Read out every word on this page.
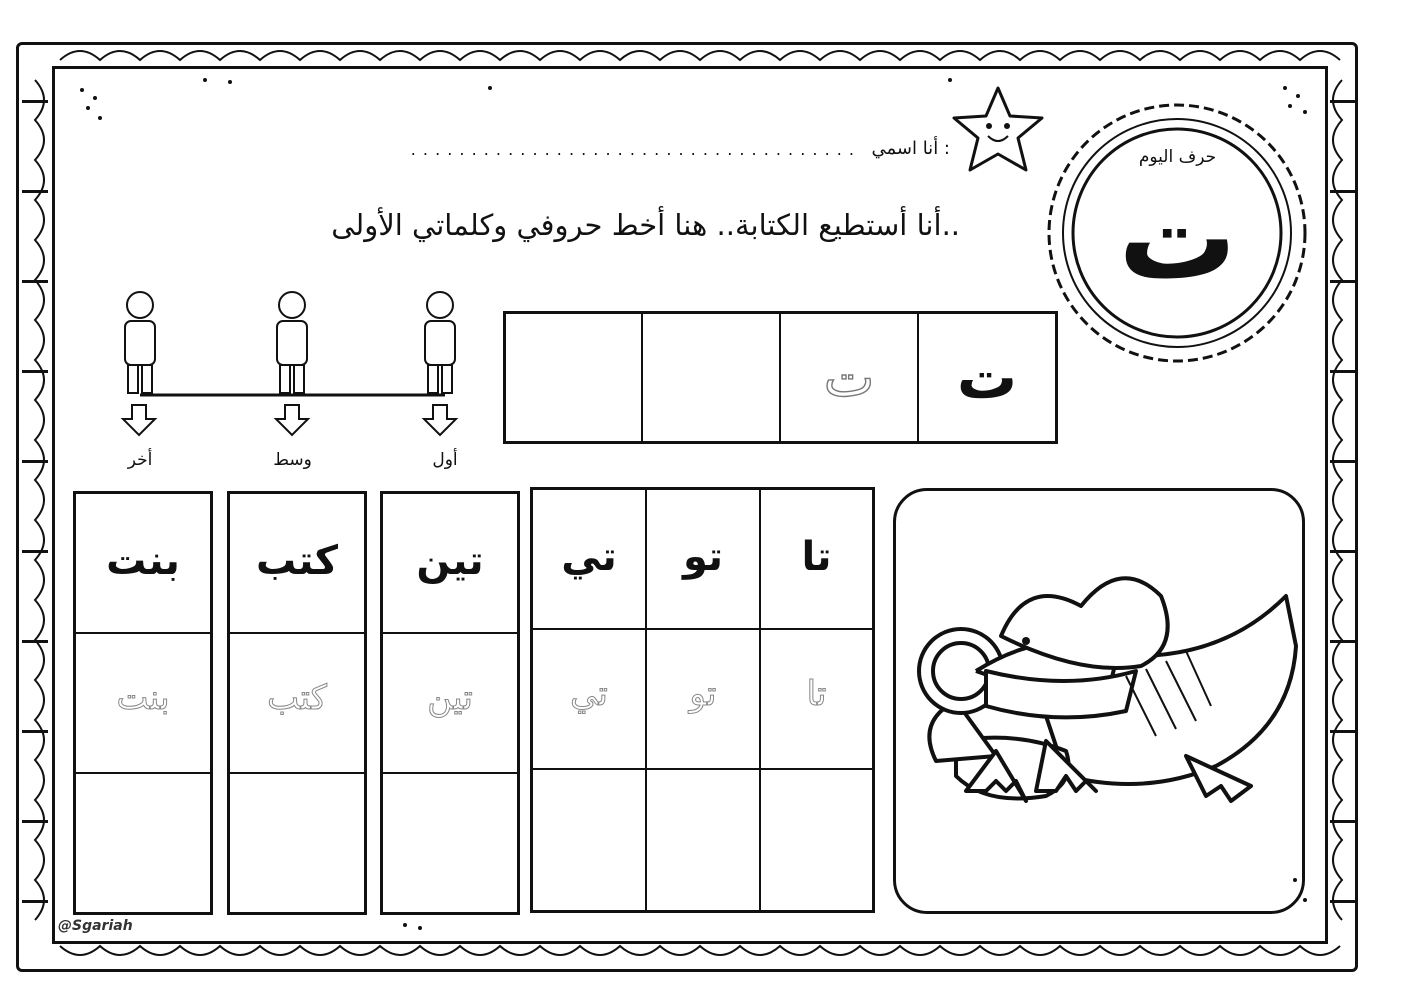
أنا اسمي :
. . . . . . . . . . . . . . . . . . . . . . . . . . . . . . . . . . . . .	حرف اليوم
ت
أنا أستطيع الكتابة.. هنا أخط حروفي وكلماتي الأولى..
ت
ت
أول
وسط
أخر
تا
تا
تو
تو
تي
تي
تين
تين
كتب
كتب
بنت
بنت
@Sgariah
